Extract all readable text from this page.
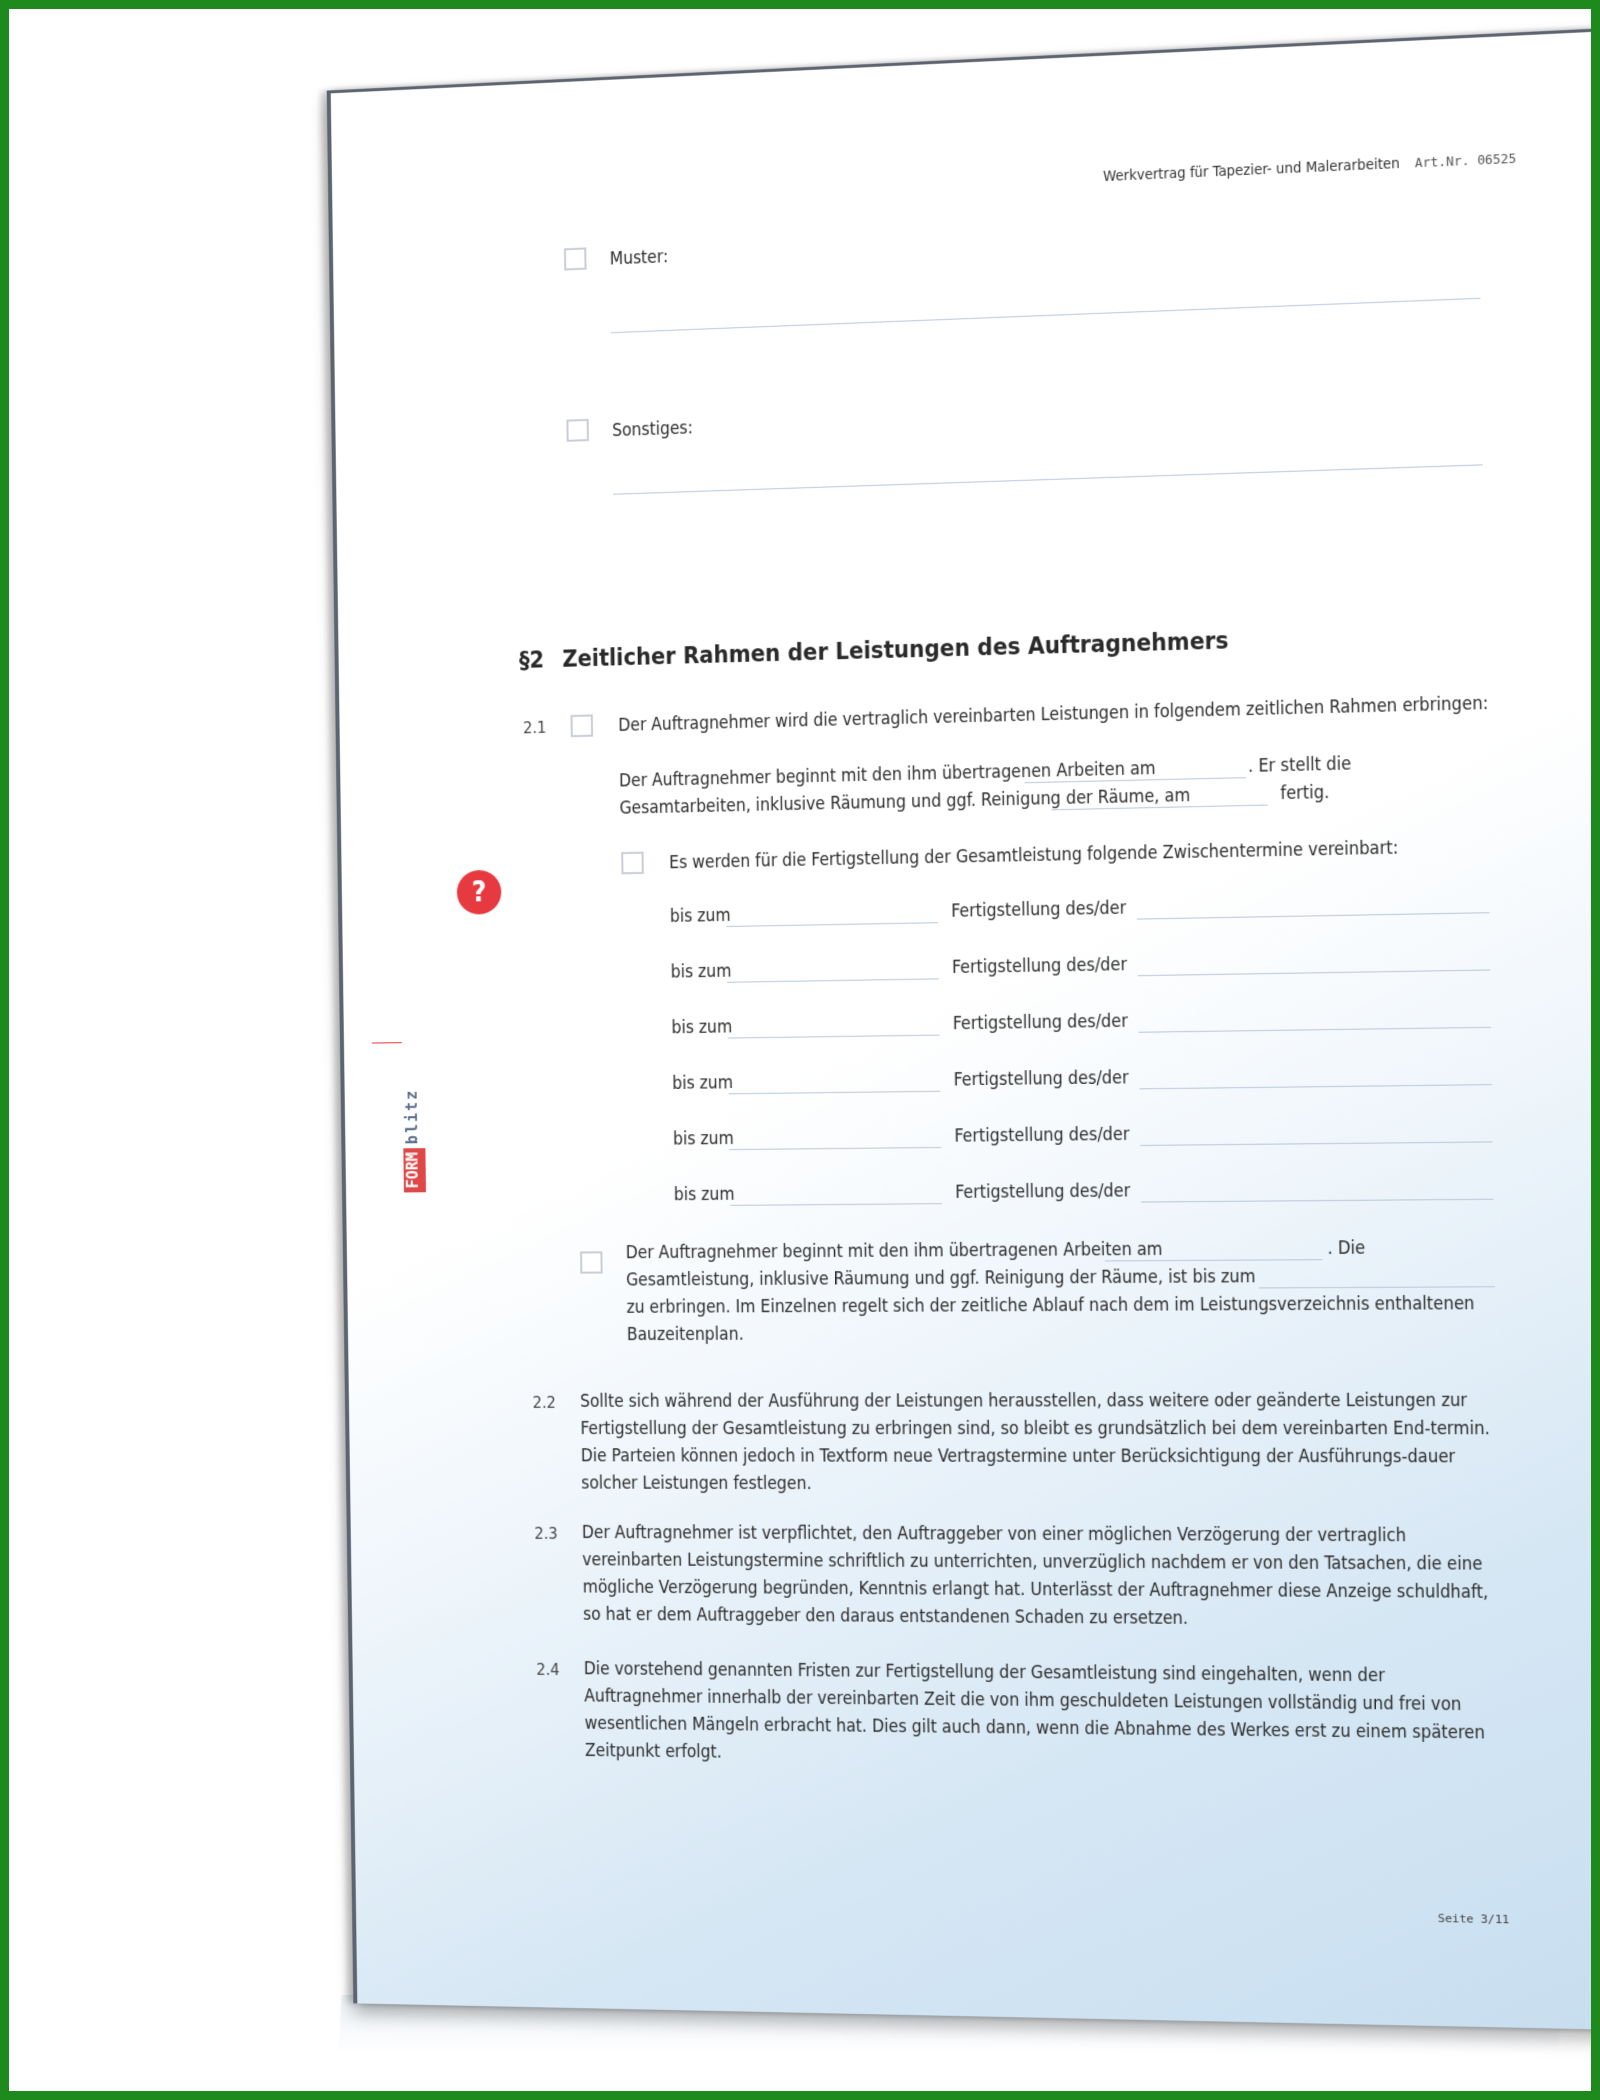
Werkvertrag für Tapezier- und Malerarbeiten Art.Nr. 06525
FORM
blitz
?
Muster:
Sonstiges:
§2 Zeitlicher Rahmen der Leistungen des Auftragnehmers
2.1	Der Auftragnehmer wird die vertraglich vereinbarten Leistungen in folgendem zeitlichen Rahmen erbringen:
Der Auftragnehmer beginnt mit den ihm übertragenen Arbeiten am	. Er stellt die
Gesamtarbeiten, inklusive Räumung und ggf. Reinigung der Räume, am	fertig.
Es werden für die Fertigstellung der Gesamtleistung folgende Zwischentermine vereinbart:
bis zum	Fertigstellung des/der
bis zum	Fertigstellung des/der
bis zum	Fertigstellung des/der
bis zum	Fertigstellung des/der
bis zum	Fertigstellung des/der
bis zum	Fertigstellung des/der
Der Auftragnehmer beginnt mit den ihm übertragenen Arbeiten am	. Die
Gesamtleistung, inklusive Räumung und ggf. Reinigung der Räume, ist bis zum
zu erbringen. Im Einzelnen regelt sich der zeitliche Ablauf nach dem im Leistungsverzeichnis enthaltenen
Bauzeitenplan.
2.2 Sollte sich während der Ausführung der Leistungen herausstellen, dass weitere oder geänderte Leistungen zur Fertigstellung der Gesamtleistung zu erbringen sind, so bleibt es grundsätzlich bei dem vereinbarten End-termin. Die Parteien können jedoch in Textform neue Vertragstermine unter Berücksichtigung der Ausführungs-dauer solcher Leistungen festlegen.
2.3 Der Auftragnehmer ist verpflichtet, den Auftraggeber von einer möglichen Verzögerung der vertraglich vereinbarten Leistungstermine schriftlich zu unterrichten, unverzüglich nachdem er von den Tatsachen, die eine mögliche Verzögerung begründen, Kenntnis erlangt hat. Unterlässt der Auftragnehmer diese Anzeige schuldhaft, so hat er dem Auftraggeber den daraus entstandenen Schaden zu ersetzen.
2.4 Die vorstehend genannten Fristen zur Fertigstellung der Gesamtleistung sind eingehalten, wenn der Auftragnehmer innerhalb der vereinbarten Zeit die von ihm geschuldeten Leistungen vollständig und frei von wesentlichen Mängeln erbracht hat. Dies gilt auch dann, wenn die Abnahme des Werkes erst zu einem späteren Zeitpunkt erfolgt.
Seite 3/11
